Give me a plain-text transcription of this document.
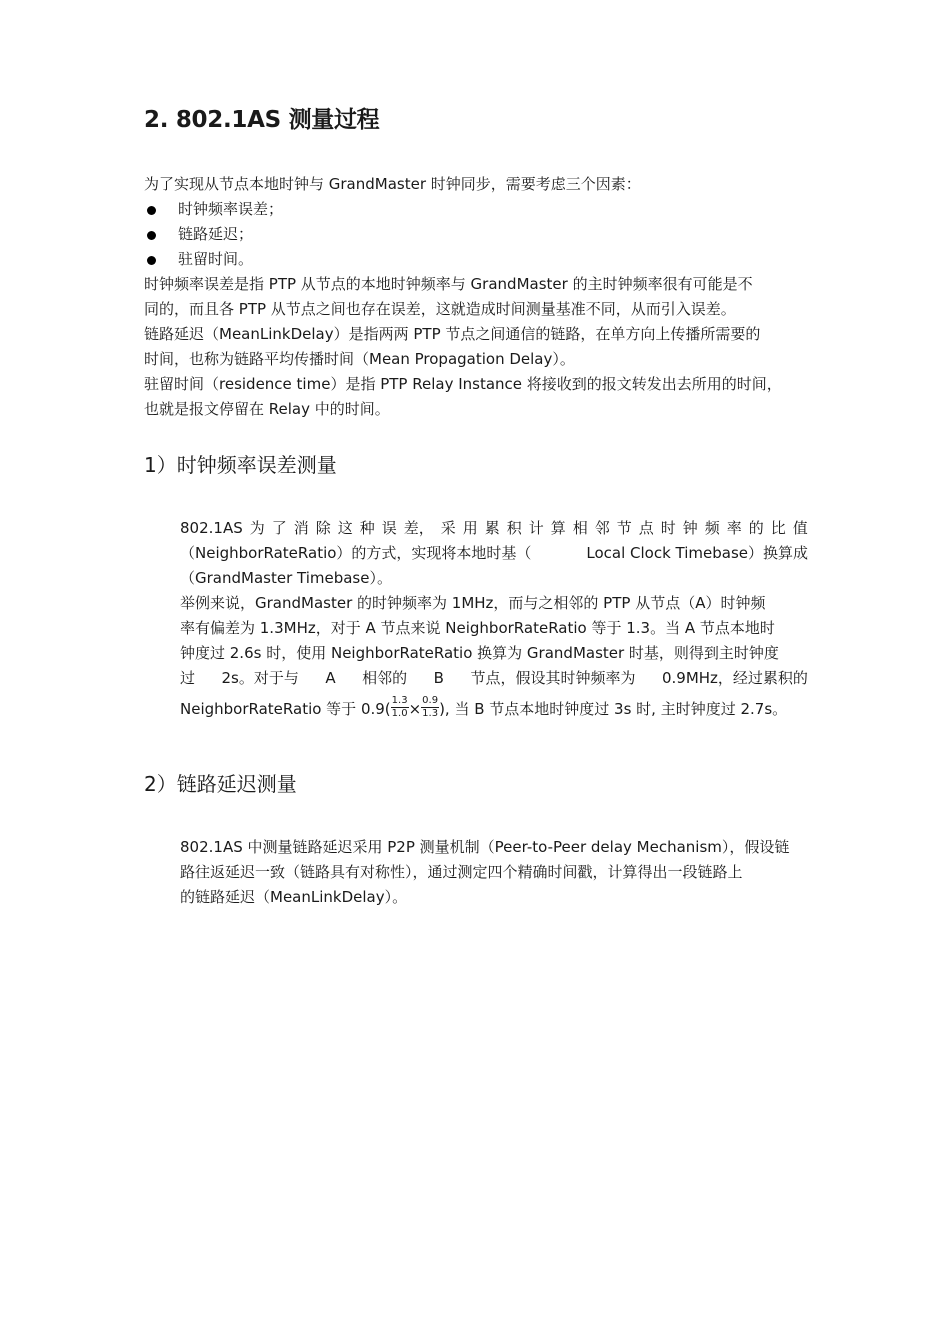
2. 802.1AS 测量过程
为了实现从节点本地时钟与 GrandMaster 时钟同步，需要考虑三个因素：
时钟频率误差；
链路延迟；
驻留时间。
时钟频率误差是指 PTP 从节点的本地时钟频率与 GrandMaster 的主时钟频率很有可能是不
同的，而且各 PTP 从节点之间也存在误差，这就造成时间测量基准不同，从而引入误差。
链路延迟（MeanLinkDelay）是指两两 PTP 节点之间通信的链路，在单方向上传播所需要的
时间，也称为链路平均传播时间（Mean Propagation Delay）。
驻留时间（residence time）是指 PTP Relay Instance 将接收到的报文转发出去所用的时间，
也就是报文停留在 Relay 中的时间。
1）时钟频率误差测量
802.1AS 为 了 消 除 这 种 误 差， 采 用 累 积 计 算 相 邻 节 点 时 钟 频 率 的 比 值
（NeighborRateRatio）的方式，实现将本地时基（	Local Clock Timebase）换算成
（GrandMaster Timebase）。
举例来说，GrandMaster 的时钟频率为 1MHz，而与之相邻的 PTP 从节点（A）时钟频
率有偏差为 1.3MHz，对于 A 节点来说 NeighborRateRatio 等于 1.3。当 A 节点本地时
钟度过 2.6s 时，使用 NeighborRateRatio 换算为 GrandMaster 时基，则得到主时钟度
过 2s。对于与 A 相邻的 B 节点，假设其时钟频率为 0.9MHz，经过累积的
NeighborRateRatio 等于 $0.9( \frac{1.3}{1.0} \times \frac{0.9}{1.3}$ ), 当 B 节点本地时钟度过 3s 时, 主时钟度过 2.7s。
2）链路延迟测量
802.1AS 中测量链路延迟采用 P2P 测量机制（Peer-to-Peer delay Mechanism），假设链
路往返延迟一致（链路具有对称性），通过测定四个精确时间戳，计算得出一段链路上
的链路延迟（MeanLinkDelay）。
